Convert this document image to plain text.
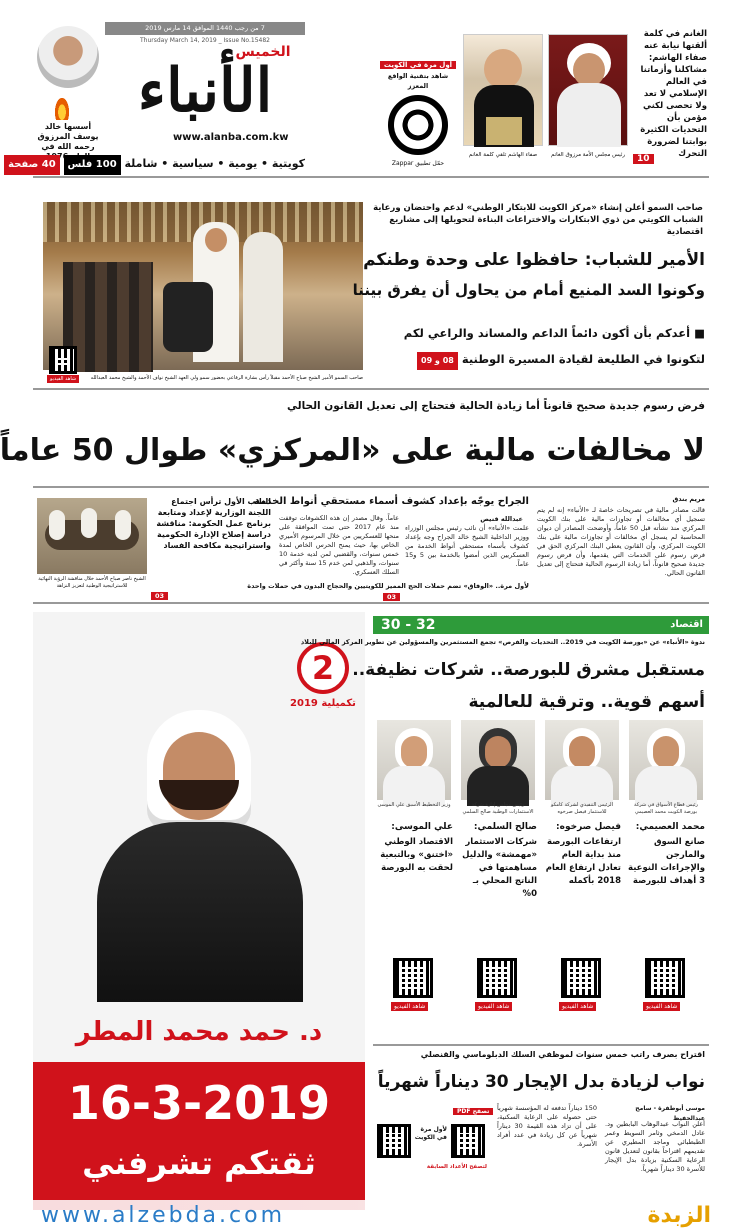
7 من رجب 1440 الموافق 14 مارس 2019
Thursday March 14, 2019 _ Issue No.15482
الخميس
أسسها خالد يوسف المرزوق رحمه الله في
الأنباء
www.alanba.com.kw
كويتية • يومية • سياسية • شاملة 100 فلس 40 صفحة
أول مرة في الكويت
شاهد بتقنية الواقع المعزز
حمّل تطبيق Zappar
صفاء الهاشم تلقي كلمة الغانم	رئيس مجلس الأمة مرزوق الغانم
الغانم في كلمة ألقتها نيابة عنه صفاء الهاشم: مشاكلنا وأزماتنا في العالم الإسلامي لا تعد ولا تحصى لكني مؤمن بأن التحديات الكثيرة بوابتنا لضرورة التحرك
10
شاهد الفيديو	صاحب السمو الأمير الشيخ صباح الأحمد مقبلاً رأس بشارة الرفاعي بحضور سمو ولي العهد الشيخ نواف الأحمد والشيخ محمد العبدالله
صاحب السمو أعلن إنشاء «مركز الكويت للابتكار الوطني» لدعم واحتضان ورعاية الشباب الكويتي من ذوي الابتكارات والاختراعات البناءة لتحويلها إلى مشاريع اقتصادية
الأمير للشباب: حافظوا على وحدة وطنكم
وكونوا السد المنيع أمام من يحاول أن يفرق بيننا
■ أعدكم بأن أكون دائماً الداعم والمساند والراعي لكم
لتكونوا في الطليعة لقيادة المسيرة الوطنية 08 و 09
فرض رسوم جديدة صحيح قانوناً أما زيادة الحالية فتحتاج إلى تعديل القانون الحالي
لا مخالفات مالية على «المركزي» طوال 50 عاماً
مريم بندق
قالت مصادر مالية في تصريحات خاصة لـ «الأنباء» إنه لم يتم تسجيل أي مخالفات أو تجاوزات مالية على بنك الكويت المركزي منذ نشأته قبل 50 عاماً، وأوضحت المصادر أن ديوان المحاسبة لم يسجل أي مخالفات أو تجاوزات مالية على بنك الكويت المركزي، وأن القانون يعطي البنك المركزي الحق في فرض رسوم على الخدمات التي يقدمها، وأن فرض رسوم جديدة صحيح قانوناً، أما زيادة الرسوم الحالية فتحتاج إلى تعديل القانون الحالي.
الجراح يوجّه بإعداد كشوف أسماء مستحقي أنواط الخدمة
عبدالله قنيص
علمت «الأنباء» أن نائب رئيس مجلس الوزراء ووزير الداخلية الشيخ خالد الجراح وجه بإعداد كشوف بأسماء مستحقي أنواط الخدمة من العسكريين الذين أمضوا بالخدمة بين 5 و15 عاماً.
عاماً. وقال مصدر إن هذه الكشوفات توقفت منذ عام 2017 حتى تمت الموافقة على منحها للعسكريين من خلال المرسوم الأميري الخاص بها، حيث يمنح الحرس الخاص لمدة خمس سنوات، والقضبي لمن لديه خدمة 10 سنوات، والذهبي لمن خدم 15 سنة وأكثر في السلك العسكري.
لأول مرة.. «الوفاق» تضم حملات الحج المميز للكويتيين والحجاج البدون في حملات واحدة
03
النائب الأول ترأس اجتماع اللجنة الوزارية لإعداد ومتابعة برنامج عمل الحكومة: مناقشة دراسة إصلاح الإدارة الحكومية واستراتيجية مكافحة الفساد
03
الشيخ ناصر صباح الأحمد خلال مناقشة الرؤية النهائية للاستراتيجية الوطنية لتعزيز النزاهة
2
تكميلية 2019
د. حمد محمد المطر
16-3-2019
ثقتكم تشرفني
اقتصاد
30 - 32
ندوة «الأنباء» عن «بورصة الكويت في 2019.. التحديات والفرص» تجمع المستثمرين والمسؤولين عن تطوير المركز المالي للبلاد
مستقبل مشرق للبورصة.. شركات نظيفة..
أسهم قوية.. وترقية للعالمية
رئيس قطاع الأسواق في شركة بورصة الكويت محمد العصيمي
محمد العصيمي:
صانع السوق والمارجن والإجراءات النوعية 3 أهداف للبورصة
شاهد الفيديو
الرئيس التنفيذي لشركة كامكو للاستثمار فيصل صرخوه
فيصل صرخوه:
ارتفاعات البورصة منذ بداية العام تعادل ارتفاع العام 2018 بأكمله
شاهد الفيديو
رئيس مجلس إدارة شركة الاستثمارات الوطنية صالح السلمي
صالح السلمي:
شركات الاستثمار «مهمشة» والدليل مساهمتها في الناتج المحلي بـ 0%
شاهد الفيديو
وزير التخطيط الأسبق علي الموسى
علي الموسى:
الاقتصاد الوطني «اختنق» وبالتبعية لحقت به البورصة
شاهد الفيديو
اقتراح بصرف راتب خمس سنوات لموظفي السلك الدبلوماسي والقنصلي
نواب لزيادة بدل الإيجار 30 ديناراً شهرياً
موسى أبوطفرة - سامح عبدالحفيظ
أعلن النواب عبدالوهاب البابطين ود. عادل الدمخي وثامر السويط وعمر الطبطبائي وماجد المطيري عن تقديمهم اقتراحاً بقانون لتعديل قانون الرعاية السكنية بزيادة بدل الإيجار للأسرة 30 ديناراً شهرياً.
150 ديناراً تدفعه له المؤسسة شهرياً حتى حصوله على الرعاية السكنية، على أن تزاد هذه القيمة 30 ديناراً شهرياً عن كل زيادة في عدد أفراد الأسرة.
تصفح PDF
لأول مرة في الكويت
لتصفح الأعداد السابقة
www.alzebda.com	الزبدة
